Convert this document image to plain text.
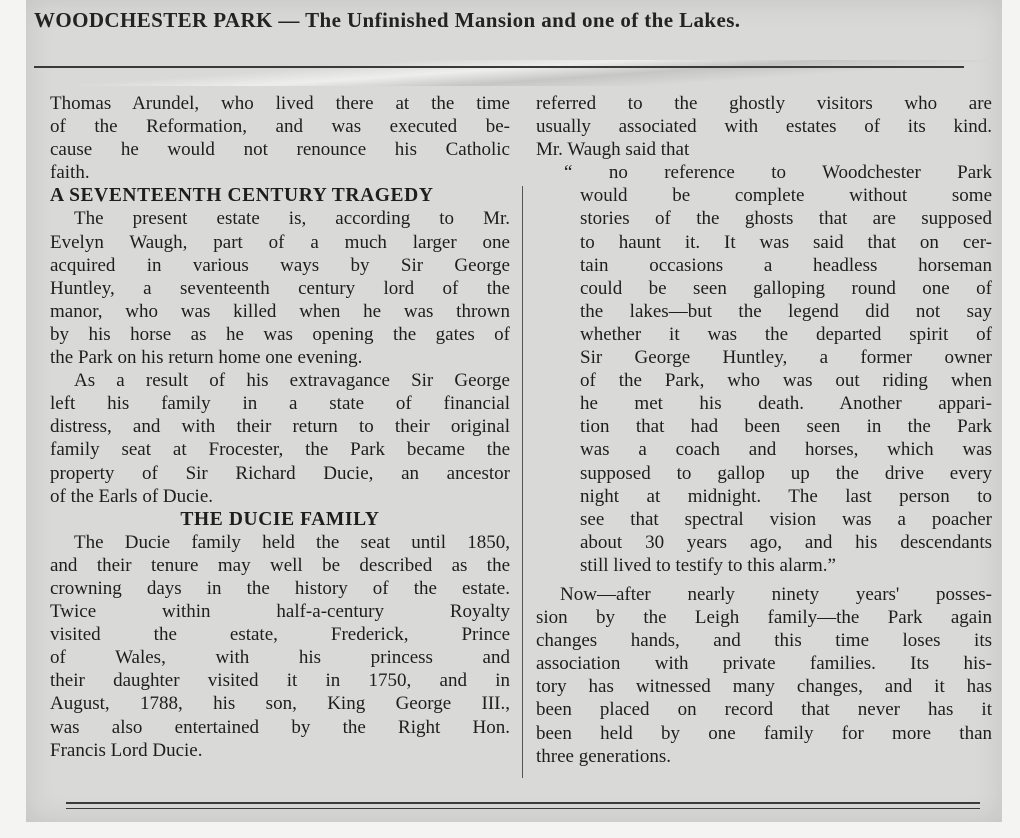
WOODCHESTER PARK — The Unfinished Mansion and one of the Lakes.
Thomas Arundel, who lived there at the time
of the Reformation, and was executed be-
cause he would not renounce his Catholic
faith.
A SEVENTEENTH CENTURY TRAGEDY
The present estate is, according to Mr.
Evelyn Waugh, part of a much larger one
acquired in various ways by Sir George
Huntley, a seventeenth century lord of the
manor, who was killed when he was thrown
by his horse as he was opening the gates of
the Park on his return home one evening.
As a result of his extravagance Sir George
left his family in a state of financial
distress, and with their return to their original
family seat at Frocester, the Park became the
property of Sir Richard Ducie, an ancestor
of the Earls of Ducie.
THE DUCIE FAMILY
The Ducie family held the seat until 1850,
and their tenure may well be described as the
crowning days in the history of the estate.
Twice within half-a-century Royalty
visited the estate, Frederick, Prince
of Wales, with his princess and
their daughter visited it in 1750, and in
August, 1788, his son, King George III.,
was also entertained by the Right Hon.
Francis Lord Ducie.
referred to the ghostly visitors who are
usually associated with estates of its kind.
Mr. Waugh said that
“ no reference to Woodchester Park
would be complete without some
stories of the ghosts that are supposed
to haunt it. It was said that on cer-
tain occasions a headless horseman
could be seen galloping round one of
the lakes—but the legend did not say
whether it was the departed spirit of
Sir George Huntley, a former owner
of the Park, who was out riding when
he met his death. Another appari-
tion that had been seen in the Park
was a coach and horses, which was
supposed to gallop up the drive every
night at midnight. The last person to
see that spectral vision was a poacher
about 30 years ago, and his descendants
still lived to testify to this alarm.”
Now—after nearly ninety years' posses-
sion by the Leigh family—the Park again
changes hands, and this time loses its
association with private families. Its his-
tory has witnessed many changes, and it has
been placed on record that never has it
been held by one family for more than
three generations.
